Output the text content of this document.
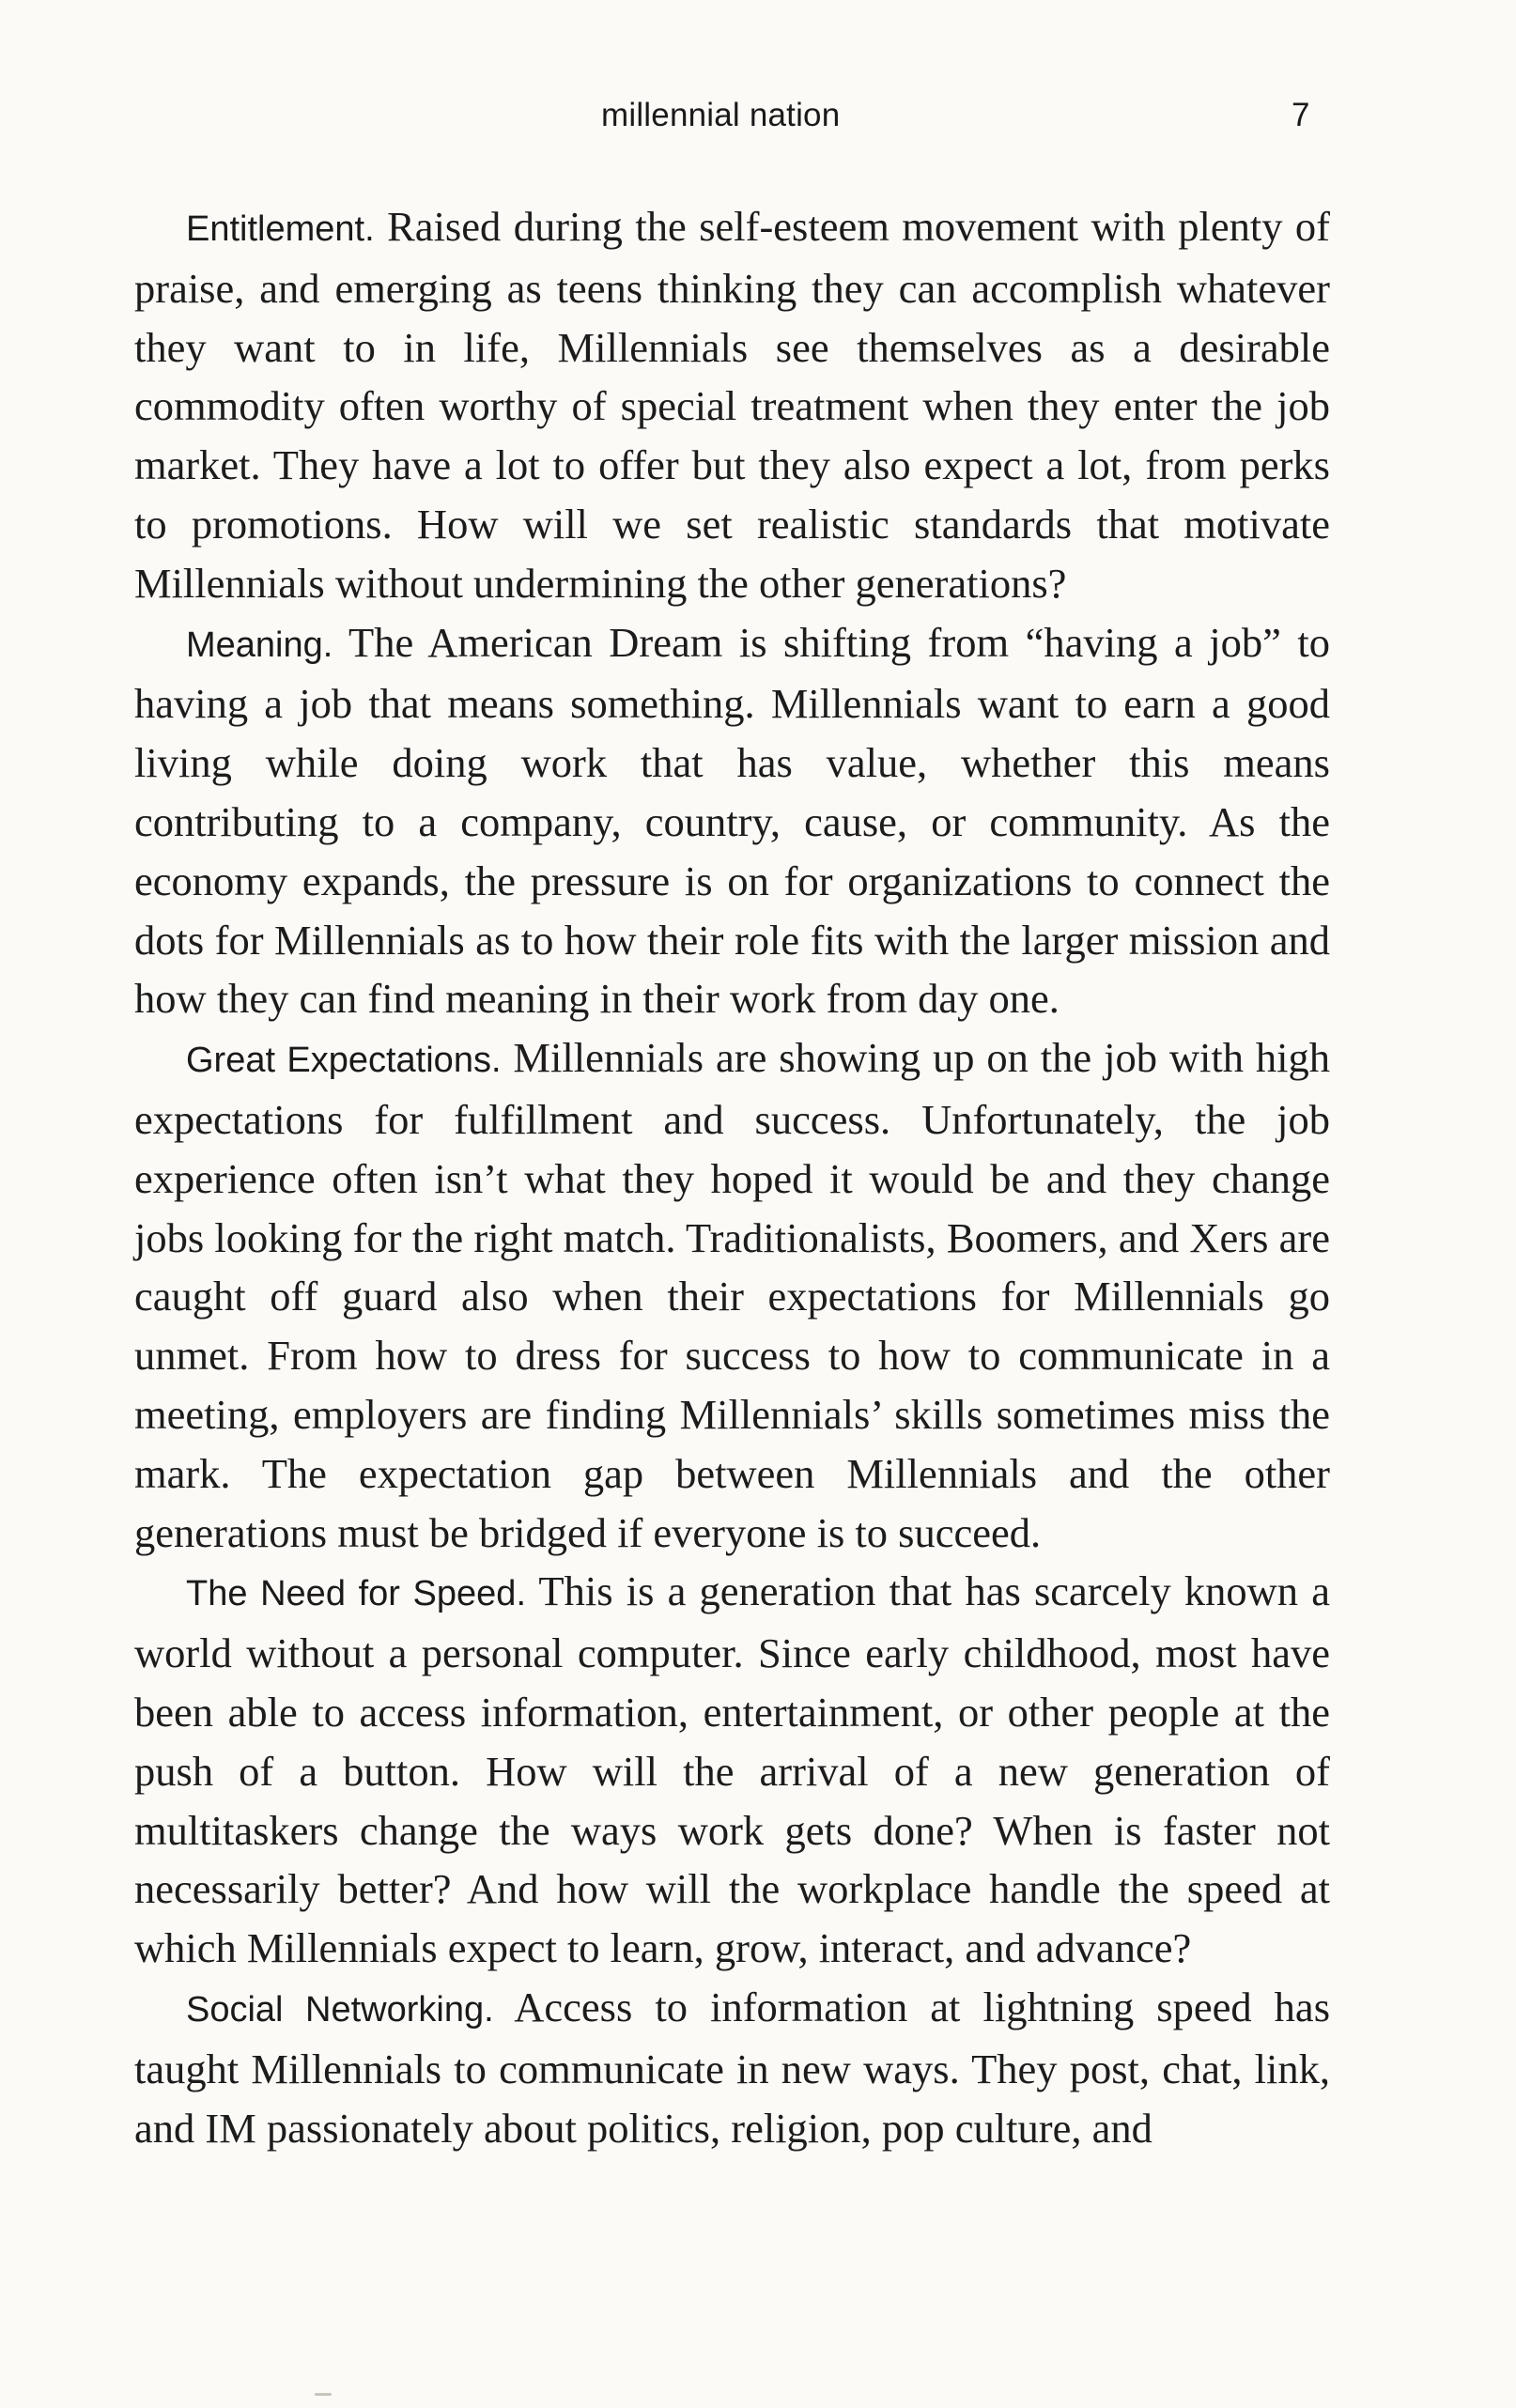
millennial nation	7

Entitlement. Raised during the self-esteem movement with plenty of praise, and emerging as teens thinking they can accomplish whatever they want to in life, Millennials see themselves as a desirable commodity often worthy of special treatment when they enter the job market. They have a lot to offer but they also expect a lot, from perks to promotions. How will we set realistic standards that motivate Millennials without undermining the other generations?

Meaning. The American Dream is shifting from “having a job” to having a job that means something. Millennials want to earn a good living while doing work that has value, whether this means contributing to a company, country, cause, or community. As the economy expands, the pressure is on for organizations to connect the dots for Millennials as to how their role fits with the larger mission and how they can find meaning in their work from day one.

Great Expectations. Millennials are showing up on the job with high expectations for fulfillment and success. Unfortunately, the job experience often isn’t what they hoped it would be and they change jobs looking for the right match. Traditionalists, Boomers, and Xers are caught off guard also when their expectations for Millennials go unmet. From how to dress for success to how to communicate in a meeting, employers are finding Millennials’ skills sometimes miss the mark. The expectation gap between Millennials and the other generations must be bridged if everyone is to succeed.

The Need for Speed. This is a generation that has scarcely known a world without a personal computer. Since early childhood, most have been able to access information, entertainment, or other people at the push of a button. How will the arrival of a new generation of multitaskers change the ways work gets done? When is faster not necessarily better? And how will the workplace handle the speed at which Millennials expect to learn, grow, interact, and advance?

Social Networking. Access to information at lightning speed has taught Millennials to communicate in new ways. They post, chat, link, and IM passionately about politics, religion, pop culture, and
